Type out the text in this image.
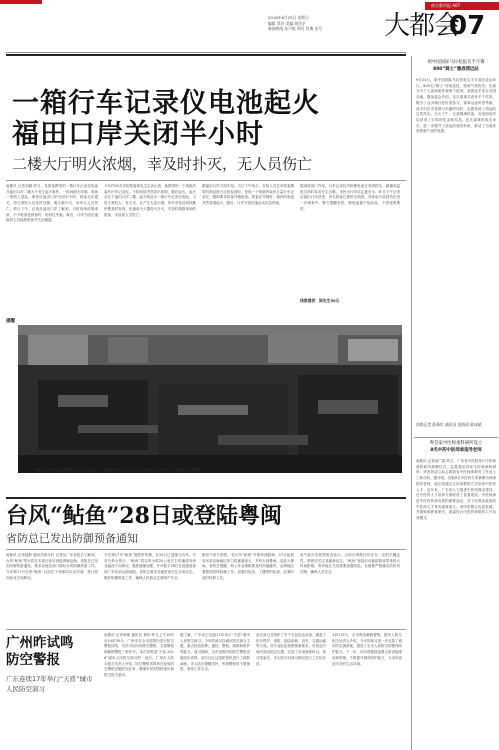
南方都市报 A07
2016年6月25日 星期日
编辑 蔡玲 美编 胡茫茫
新闻热线 东户报 尚付 包典 出号	大都会
07
一箱行车记录仪电池起火
福田口岸关闭半小时
二楼大厅明火浓烟，幸及时扑灭，无人员伤亡
南都讯 记者刘颖 昨日，有旅客携带的一箱行车记录仪电池在福田口岸二楼大厅发生起火事件，一时间明火浓烟，现场一度陷入混乱。事发后福田口岸关闭半小时，旅客无法通关。经过消防人员及时处置，明火被扑灭，所幸无人员伤亡。昨日下午，记者从福田口岸了解到，当时现场浓烟滚滚，不少旅客受到惊吓，纷纷往外跑。事后，口岸方面迅速组织人员疏散旅客并关闭通道。
今年约50多岁的旅客黄先生告诉记者，他携带的一个纸箱内装有行车记录仪，不知何故突然冒出浓烟，随后起火。起火点位于福田口岸二楼，起火物品为一箱行车记录仪电池，当时火势较大，有火光，且产生大量白烟。所幸安检员和执勤民警及时发现，迅速用灭火器将火扑灭，并及时疏散现场的旅客，未造成人员伤亡。
据福田口岸方面介绍，当日下午两点，安检人员在对旅客携带的物品进行过机检查时，发现一个纸箱内装有大量行车记录仪，随即要求旅客开箱检查。旅客在开箱时，箱内的电池突然冒烟起火。随后，口岸方面迅速启动应急预案。
据消防部门介绍，行车记录仪内的锂电池在受到挤压、碰撞或温度过高时容易发生自燃，市民出行时应注意安全。昨日下午记者从福田口岸获悉，该名旅客已被带走调查，具体起火原因仍在进一步调查中。警方提醒市民，锂电池属于危险品，不得违规携带。
线索提供：陈先生50元
提醒
一箱行李昨日在深圳福田口岸二楼大厅，消防员扑灭行车记录仪电池引发的火灾，消防部门供图
台风“鲇鱼”28日或登陆粤闽
省防总已发出防御预备通知
南都讯 记者陆斯 通讯员蒋永轩 记者从广东省防总了解到，台风“鲇鱼”预计将在本周日前后登陆粤闽沿海。省防总已发出防御预备通知，要求各地各部门做好台风防御准备工作。今年第17号台风“鲇鱼”目前位于菲律宾以东洋面，预计将向西北方向移动。
今年第17号“鲇鱼”强热带风暴，在25日已加强为台风。中央气象台预计，“鲇鱼”将以每小时20公里左右的速度向西北偏西方向移动，强度逐渐加强，并可能于28日在福建南部到广东东部沿海登陆。省防总要求各地密切关注台风动态，做好防御准备工作，确保人民群众生命财产安全。
据省气象台预报，受台风“鲇鱼”外围环流影响，27日起我省东部沿海地区风力将逐渐加大，并有大到暴雨、局部大暴雨。省防总提醒，海上作业渔船要及时回港避风，沿海地区要做好防风防潮工作，加强对危房、工棚等的检查，必要时及时转移人员。
省气象台首席预报员表示，目前台风路径仍存在一定的不确定性，需密切关注其最新动态。“鲇鱼”登陆后可能给我省带来较大风雨影响，粤东地区尤其需要加强防范。各地要严格落实防汛责任制，确保人员安全。
广州昨试鸣
防空警报
广东连续17年举行“天盾”城市人民防空演习
南都讯 记者章敏 通讯员 黄华 昨日上午10时至10时30分，广州市在全市范围内进行防空警报试鸣，市民可以听到预先警报、空袭警报和解除警报三种信号。本次试鸣是“天盾-2016”城市人民防空演习的一部分。广州市人防办相关负责人介绍，防空警报试鸣旨在检验防空警报设施的完好率，增强市民的国防意识和防空防灾意识。
据了解，广东省已连续17年举行“天盾”城市人民防空演习。今年的演习以城市防空袭为主题，重点检验指挥、通信、警报、疏散和防护等能力。演习期间，全市范围内的防空警报设施同步试鸣，部分社区还组织居民进行了疏散演练。市人防办提醒市民，听到警报时不要惊慌，照常工作生活。
此次演习共组织了多个专业队伍参加，涵盖了医疗救护、消防、抢险抢修、治安、交通运输等方面。各专业队伍按照预案要求，在规定时间内到达指定位置，完成了各项演练科目。演习结束后，市人防办对演习情况进行了总结评估。
11时15分，全市鸣放解除警报。据市人防办相关负责人介绍，今年的演习进一步完善了城市防空袭预案，提高了全市人民防空的整体防护能力。下一步，该办将继续加强人防设施建设和管理，不断提升城市防护能力，为市民创造安全的生活环境。
咱中国国际马拉松报名半月赛
800“骑士”激战清远站
9月24日，咱中国国际马拉松报名半月赛在清远举行，800名“骑士”同场竞技，现场气氛热烈。比赛分为个人赛和团体赛两个组别，参赛选手来自全国各地。据组委会介绍，本次赛事共设有多个奖项，吸引了众多骑行爱好者参与。赛事沿途风景秀丽，选手们在享受骑行乐趣的同时，也感受到了清远的自然风光。当天下午，比赛圆满结束，各组别冠军均获得了丰厚的奖金和奖品。此次赛事的成功举办，进一步提升了清远的城市形象，推动了当地体育旅游产业的发展。
南都记者 薛珠红 通讯员 聂海清 陈冰斌
粤首家中医师承科研所设立
8名中药中医师承指导老师
南都讯 记者邱广霞 昨日，广东省中医院举行中医师承科研所揭牌仪式，这是我省首家中医师承科研所。该所的成立标志着我省中医师承教育工作迈上了新台阶。据介绍，首批8名中医药专家被聘为师承指导老师，他们将通过言传身教的方式培养中医药人才。近年来，广东省大力推进中医药强省建设，在中医药人才培养方面取得了显著成效。中医师承是中医药传承发展的重要途径，对于培养高素质的中医药人才具有重要意义。该所将整合优质资源，开展师承教育研究，探索符合中医药规律的人才培养模式。
